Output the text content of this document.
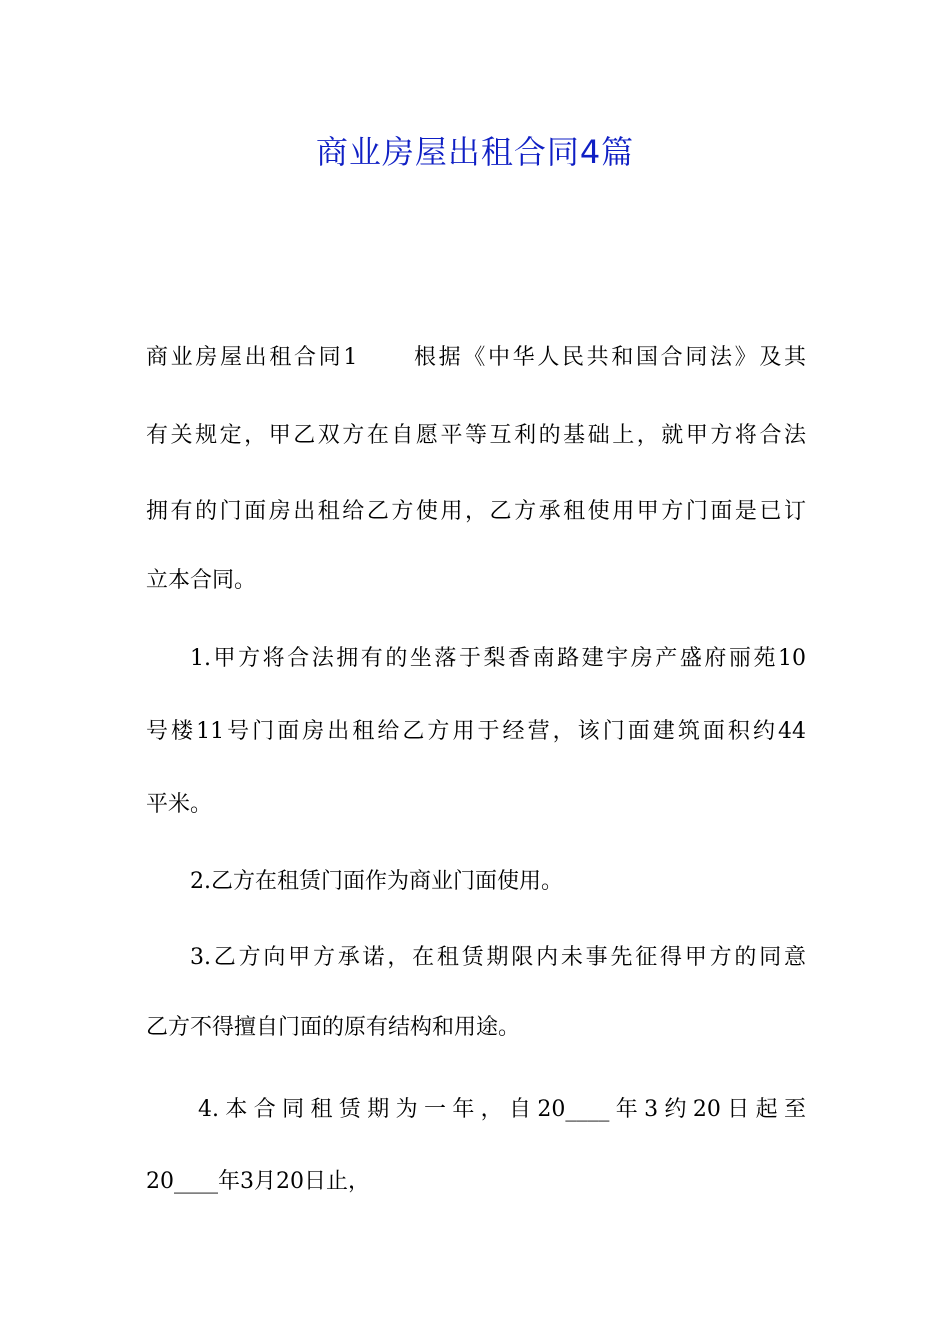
商业房屋出租合同4篇
商业房屋出租合同1 根据《中华人民共和国合同法》及其
有关规定，甲乙双方在自愿平等互利的基础上，就甲方将合法
拥有的门面房出租给乙方使用，乙方承租使用甲方门面是已订
立本合同。
1.甲方将合法拥有的坐落于梨香南路建宇房产盛府丽苑10
号楼11号门面房出租给乙方用于经营，该门面建筑面积约44
平米。
2.乙方在租赁门面作为商业门面使用。
3.乙方向甲方承诺，在租赁期限内未事先征得甲方的同意
乙方不得擅自门面的原有结构和用途。
4.本合同租赁期为一年，自20____年3约20日起至
20____年3月20日止，
